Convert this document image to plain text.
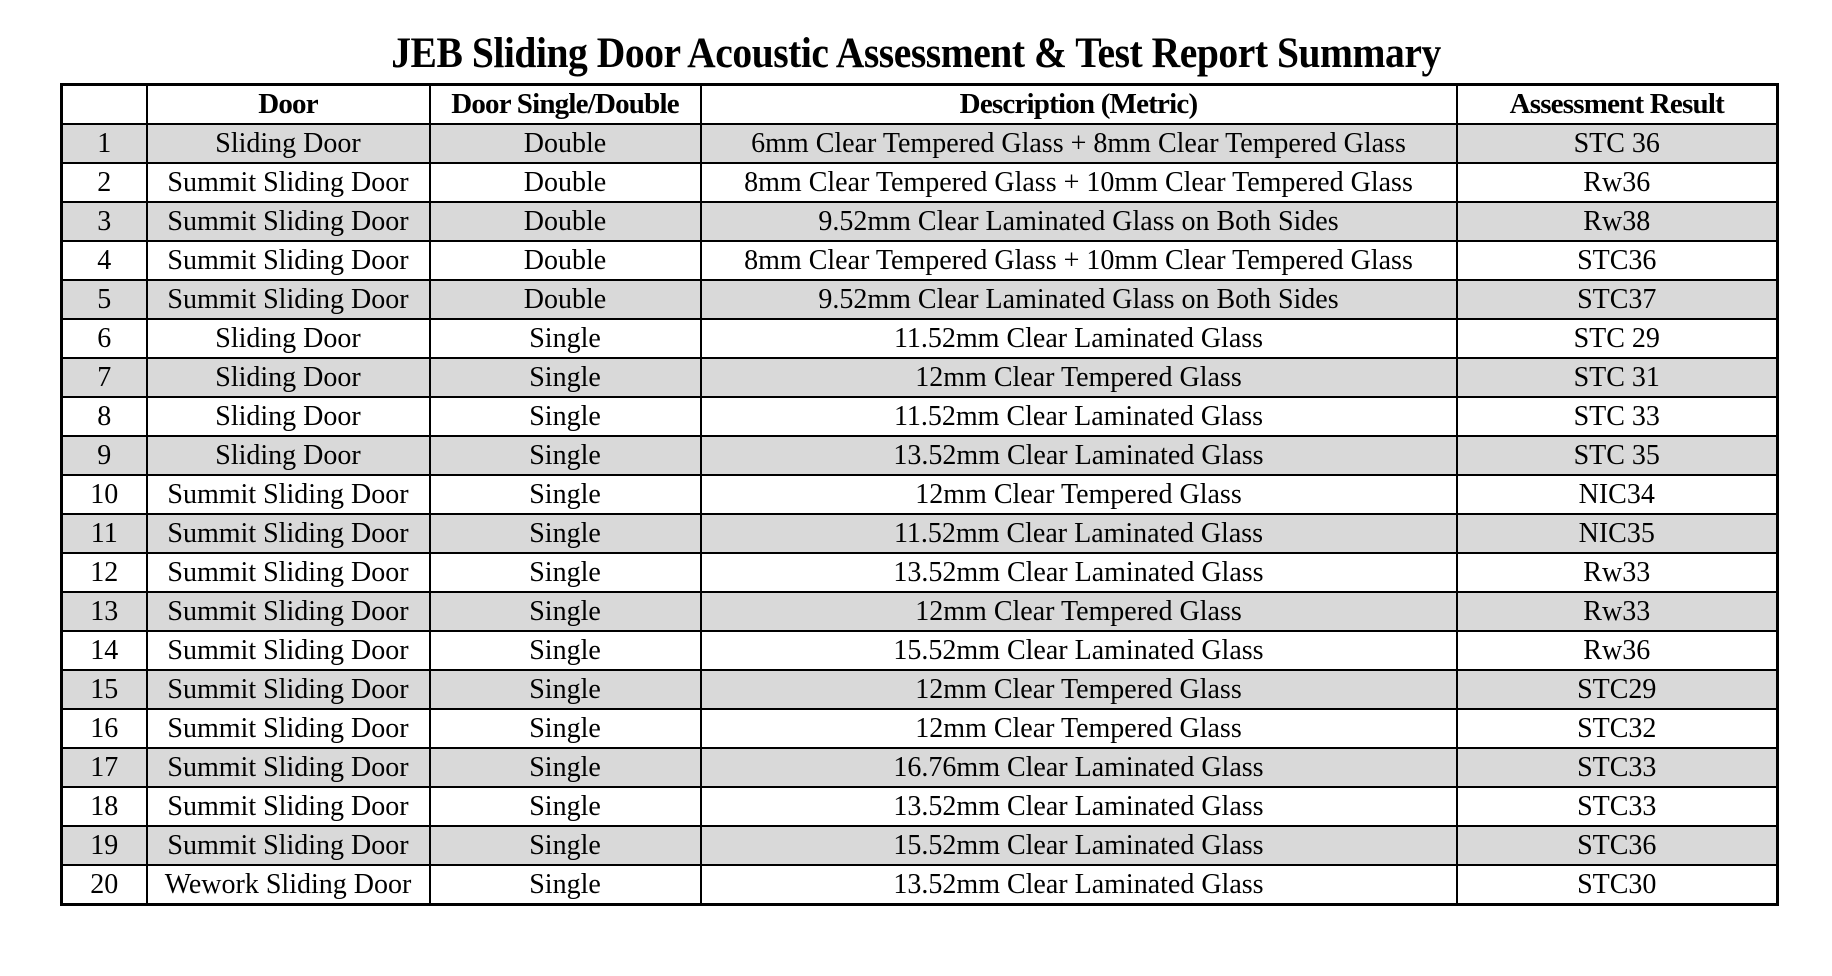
JEB Sliding Door Acoustic Assessment & Test Report Summary
	Door	Door Single/Double	Description (Metric)	Assessment Result
1	Sliding Door	Double	6mm Clear Tempered Glass + 8mm Clear Tempered Glass	STC 36
2	Summit Sliding Door	Double	8mm Clear Tempered Glass + 10mm Clear Tempered Glass	Rw36
3	Summit Sliding Door	Double	9.52mm Clear Laminated Glass on Both Sides	Rw38
4	Summit Sliding Door	Double	8mm Clear Tempered Glass + 10mm Clear Tempered Glass	STC36
5	Summit Sliding Door	Double	9.52mm Clear Laminated Glass on Both Sides	STC37
6	Sliding Door	Single	11.52mm Clear Laminated Glass	STC 29
7	Sliding Door	Single	12mm Clear Tempered Glass	STC 31
8	Sliding Door	Single	11.52mm Clear Laminated Glass	STC 33
9	Sliding Door	Single	13.52mm Clear Laminated Glass	STC 35
10	Summit Sliding Door	Single	12mm Clear Tempered Glass	NIC34
11	Summit Sliding Door	Single	11.52mm Clear Laminated Glass	NIC35
12	Summit Sliding Door	Single	13.52mm Clear Laminated Glass	Rw33
13	Summit Sliding Door	Single	12mm Clear Tempered Glass	Rw33
14	Summit Sliding Door	Single	15.52mm Clear Laminated Glass	Rw36
15	Summit Sliding Door	Single	12mm Clear Tempered Glass	STC29
16	Summit Sliding Door	Single	12mm Clear Tempered Glass	STC32
17	Summit Sliding Door	Single	16.76mm Clear Laminated Glass	STC33
18	Summit Sliding Door	Single	13.52mm Clear Laminated Glass	STC33
19	Summit Sliding Door	Single	15.52mm Clear Laminated Glass	STC36
20	Wework Sliding Door	Single	13.52mm Clear Laminated Glass	STC30
